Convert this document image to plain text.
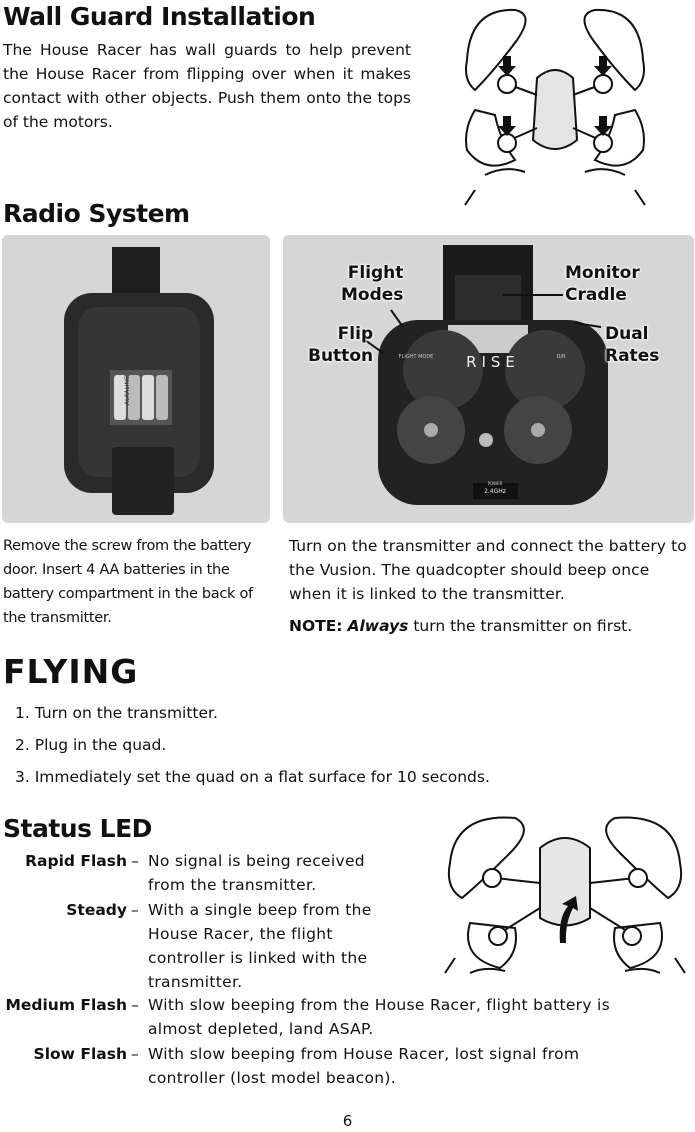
Wall Guard Installation

The House Racer has wall guards to help prevent the House Racer from flipping over when it makes contact with other objects. Push them onto the tops of the motors.

Radio System
ALKALINE
RISE
FLIGHT MODE	D/R
POWER
2.4GHz
Flight
Modes
Monitor
Cradle
Flip
Button
Dual
Rates

Remove the screw from the battery door. Insert 4 AA batteries in the battery compartment in the back of the transmitter.

Turn on the transmitter and connect the battery to the Vusion. The quadcopter should beep once when it is linked to the transmitter.

NOTE: Always turn the transmitter on first.

FLYING
1. Turn on the transmitter.
2. Plug in the quad.
3. Immediately set the quad on a flat surface for 10 seconds.
Status LED
Rapid Flash – No signal is being received
from the transmitter.
Steady – With a single beep from the
House Racer, the flight
controller is linked with the
transmitter.
Medium Flash – With slow beeping from the House Racer, flight battery is
almost depleted, land ASAP.
Slow Flash – With slow beeping from House Racer, lost signal from
controller (lost model beacon).
6
